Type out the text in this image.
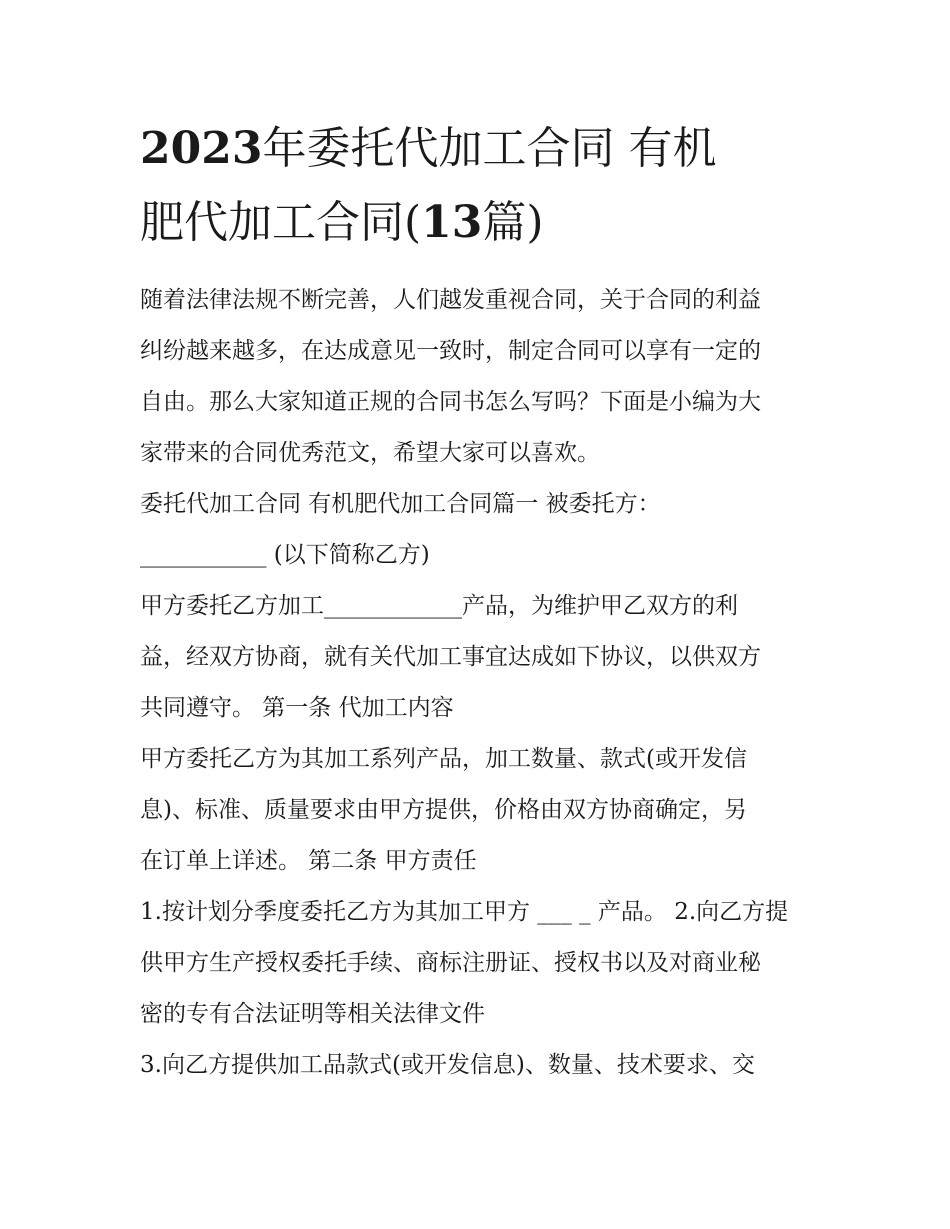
2023年委托代加工合同 有机
肥代加工合同(13篇)
随着法律法规不断完善，人们越发重视合同，关于合同的利益
纠纷越来越多，在达成意见一致时，制定合同可以享有一定的
自由。那么大家知道正规的合同书怎么写吗？下面是小编为大
家带来的合同优秀范文，希望大家可以喜欢。
委托代加工合同 有机肥代加工合同篇一 被委托方：
___________ (以下简称乙方)
甲方委托乙方加工____________产品，为维护甲乙双方的利
益，经双方协商，就有关代加工事宜达成如下协议，以供双方
共同遵守。 第一条 代加工内容
甲方委托乙方为其加工系列产品，加工数量、款式(或开发信
息)、标准、质量要求由甲方提供，价格由双方协商确定，另
在订单上详述。 第二条 甲方责任
1.按计划分季度委托乙方为其加工甲方 ___ _ 产品。 2.向乙方提
供甲方生产授权委托手续、商标注册证、授权书以及对商业秘
密的专有合法证明等相关法律文件
3.向乙方提供加工品款式(或开发信息)、数量、技术要求、交
